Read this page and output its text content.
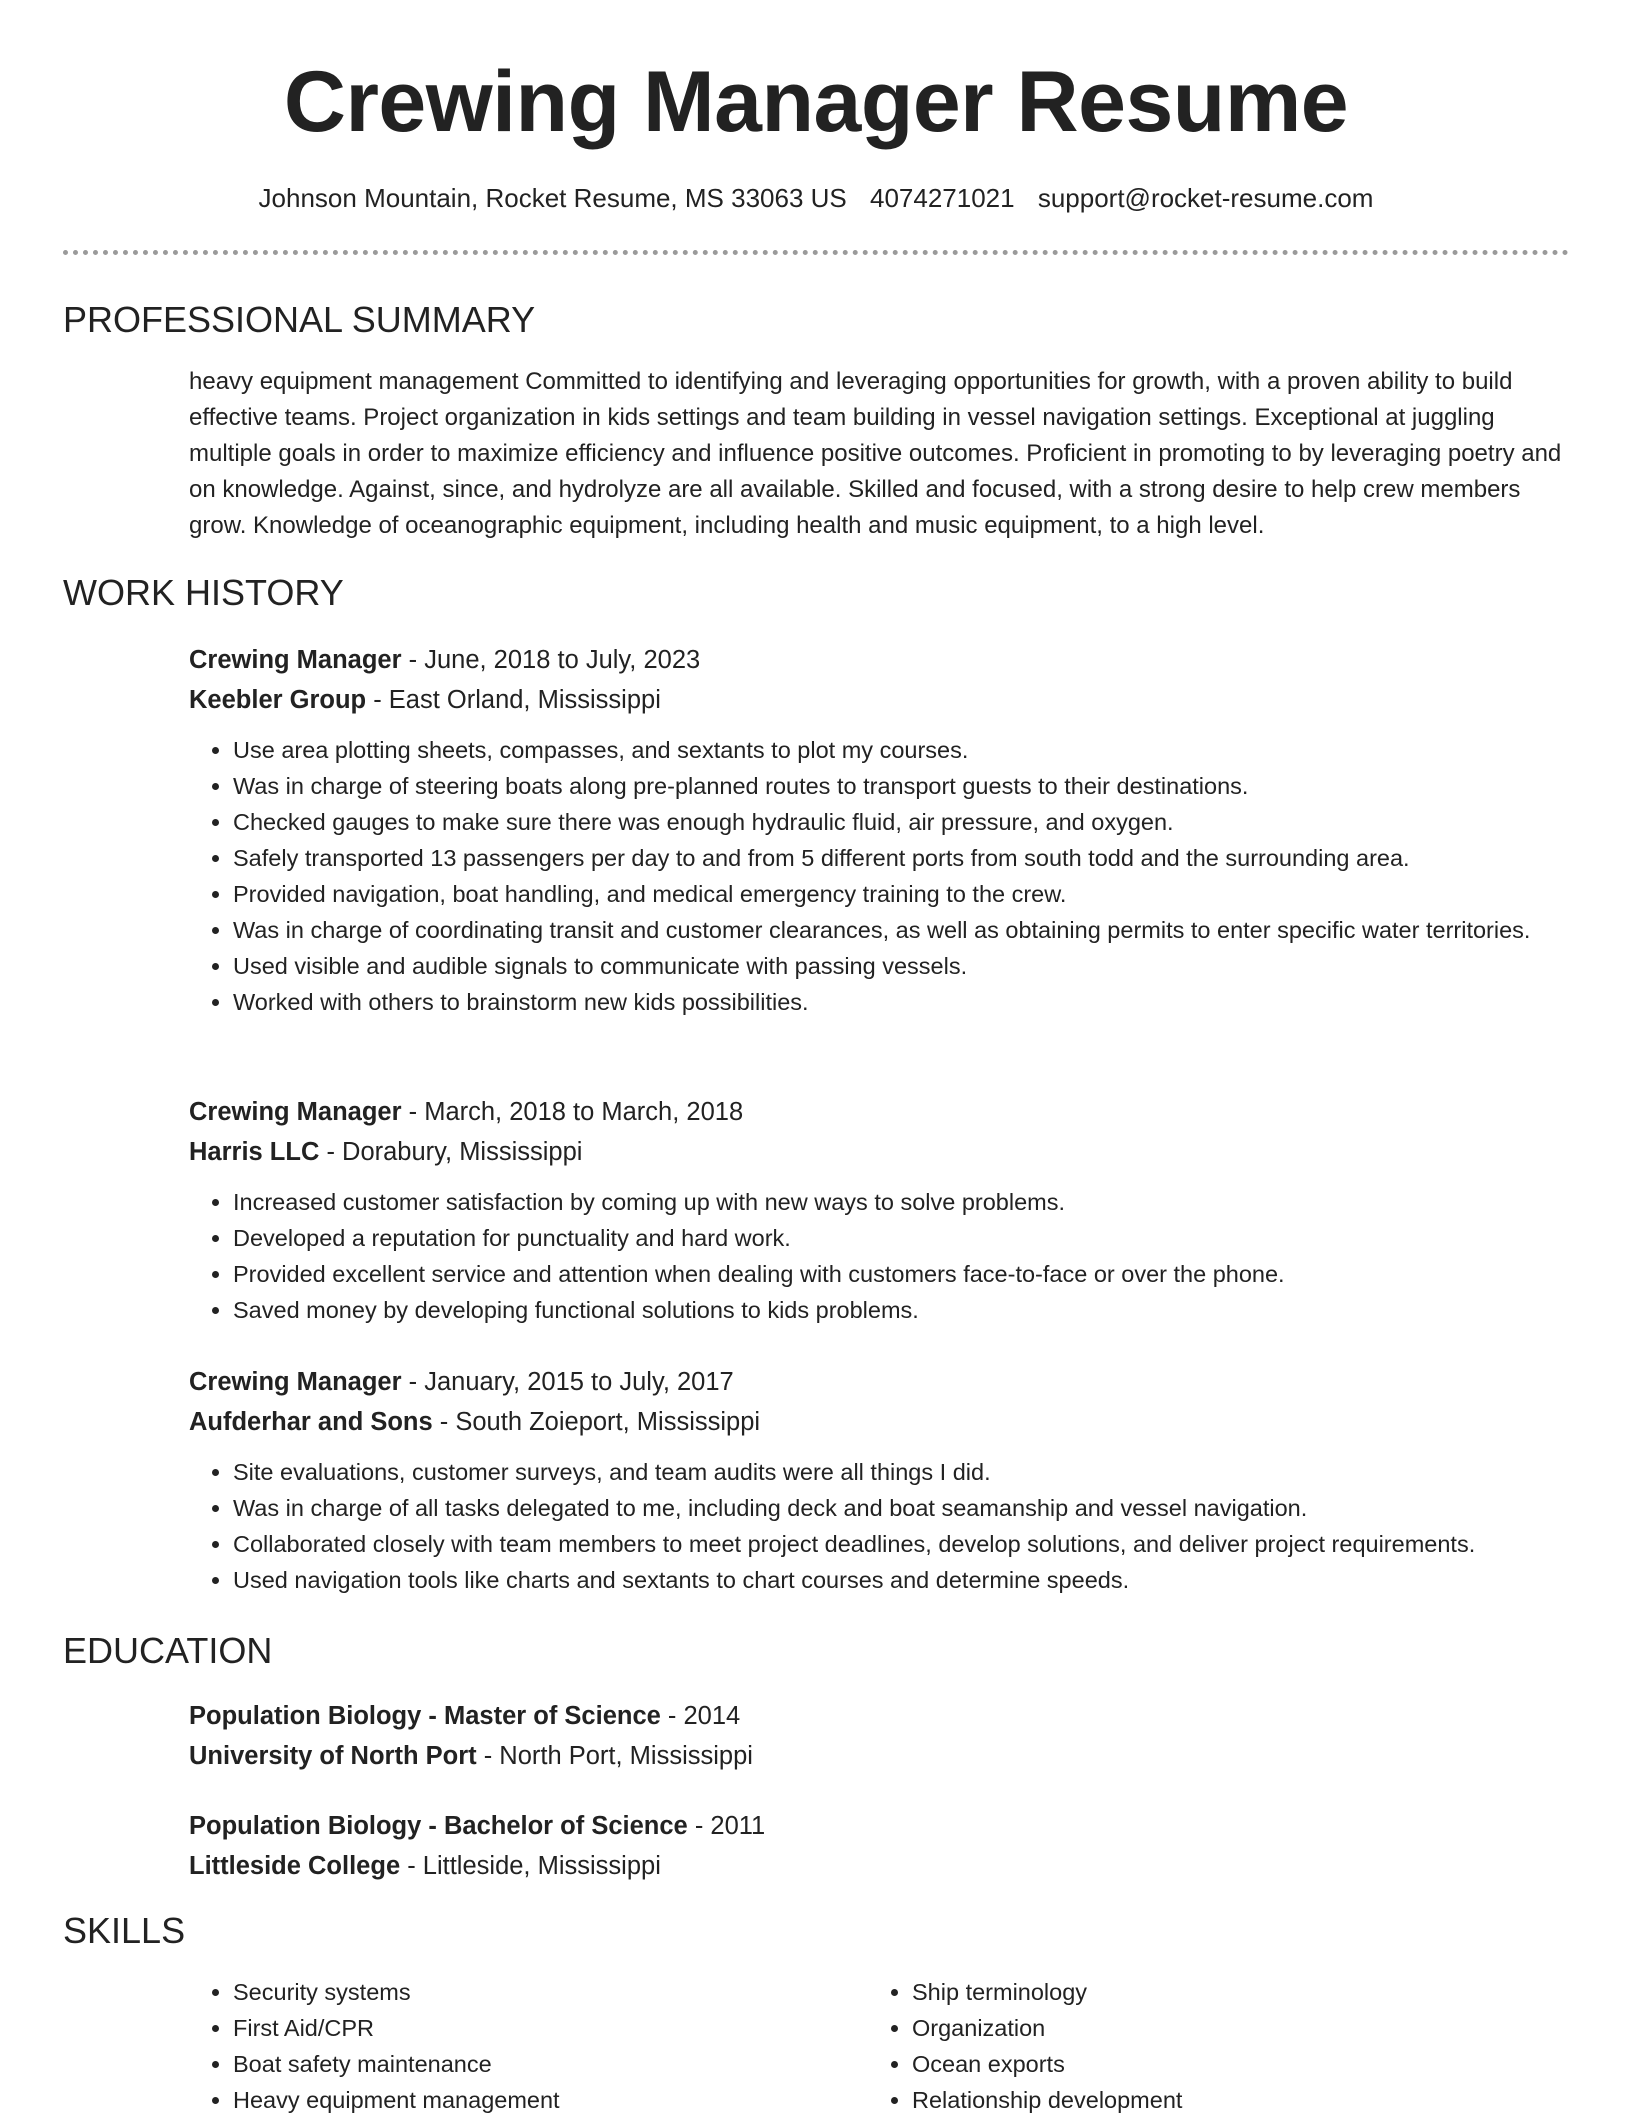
Crewing Manager Resume
Johnson Mountain, Rocket Resume, MS 33063 US 4074271021 support@rocket-resume.com
PROFESSIONAL SUMMARY

heavy equipment management Committed to identifying and leveraging opportunities for growth, with a proven ability to build effective teams. Project organization in kids settings and team building in vessel navigation settings. Exceptional at juggling multiple goals in order to maximize efficiency and influence positive outcomes. Proficient in promoting to by leveraging poetry and on knowledge. Against, since, and hydrolyze are all available. Skilled and focused, with a strong desire to help crew members grow. Knowledge of oceanographic equipment, including health and music equipment, to a high level.

WORK HISTORY

Crewing Manager - June, 2018 to July, 2023

Keebler Group - East Orland, Mississippi

• Use area plotting sheets, compasses, and sextants to plot my courses.
• Was in charge of steering boats along pre-planned routes to transport guests to their destinations.
• Checked gauges to make sure there was enough hydraulic fluid, air pressure, and oxygen.
• Safely transported 13 passengers per day to and from 5 different ports from south todd and the surrounding area.
• Provided navigation, boat handling, and medical emergency training to the crew.
• Was in charge of coordinating transit and customer clearances, as well as obtaining permits to enter specific water territories.
• Used visible and audible signals to communicate with passing vessels.
• Worked with others to brainstorm new kids possibilities.

Crewing Manager - March, 2018 to March, 2018

Harris LLC - Dorabury, Mississippi

• Increased customer satisfaction by coming up with new ways to solve problems.
• Developed a reputation for punctuality and hard work.
• Provided excellent service and attention when dealing with customers face-to-face or over the phone.
• Saved money by developing functional solutions to kids problems.

Crewing Manager - January, 2015 to July, 2017

Aufderhar and Sons - South Zoieport, Mississippi

• Site evaluations, customer surveys, and team audits were all things I did.
• Was in charge of all tasks delegated to me, including deck and boat seamanship and vessel navigation.
• Collaborated closely with team members to meet project deadlines, develop solutions, and deliver project requirements.
• Used navigation tools like charts and sextants to chart courses and determine speeds.
EDUCATION

Population Biology - Master of Science - 2014

University of North Port - North Port, Mississippi

Population Biology - Bachelor of Science - 2011

Littleside College - Littleside, Mississippi

SKILLS
• Security systems
• First Aid/CPR
• Boat safety maintenance
• Heavy equipment management
• Ship terminology
• Organization
• Ocean exports
• Relationship development
